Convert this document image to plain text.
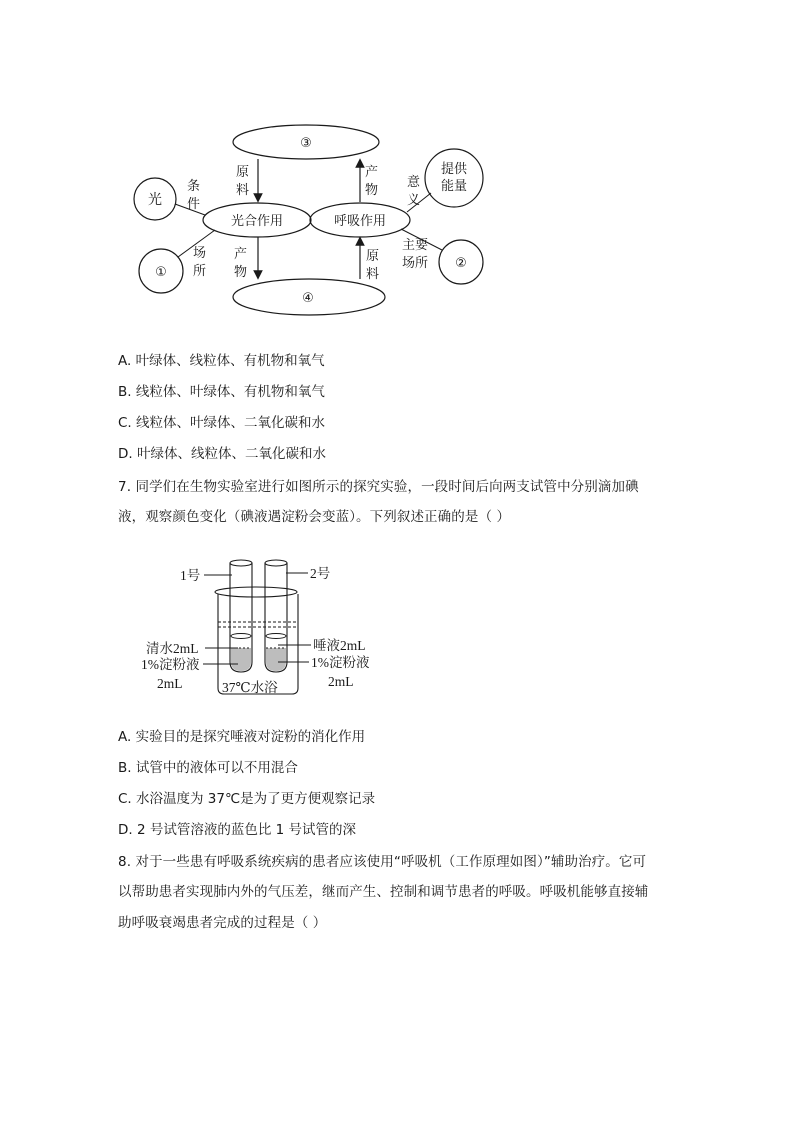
③
④
光合作用	呼吸作用
光
①
提供
能量
②
条
件
场
所
原
料
产
物
产
物
原
料
意
义
主要
场所
A. 叶绿体、线粒体、有机物和氧气
B. 线粒体、叶绿体、有机物和氧气
C. 线粒体、叶绿体、二氧化碳和水
D. 叶绿体、线粒体、二氧化碳和水
7. 同学们在生物实验室进行如图所示的探究实验，一段时间后向两支试管中分别滴加碘
液，观察颜色变化（碘液遇淀粉会变蓝）。下列叙述正确的是（ ）
1号	2号
清水2mL
1%淀粉液
2mL
唾液2mL
1%淀粉液
2mL
37℃水浴
A. 实验目的是探究唾液对淀粉的消化作用
B. 试管中的液体可以不用混合
C. 水浴温度为 37℃是为了更方便观察记录
D. 2 号试管溶液的蓝色比 1 号试管的深
8. 对于一些患有呼吸系统疾病的患者应该使用“呼吸机（工作原理如图）”辅助治疗。它可
以帮助患者实现肺内外的气压差，继而产生、控制和调节患者的呼吸。呼吸机能够直接辅
助呼吸衰竭患者完成的过程是（ ）
